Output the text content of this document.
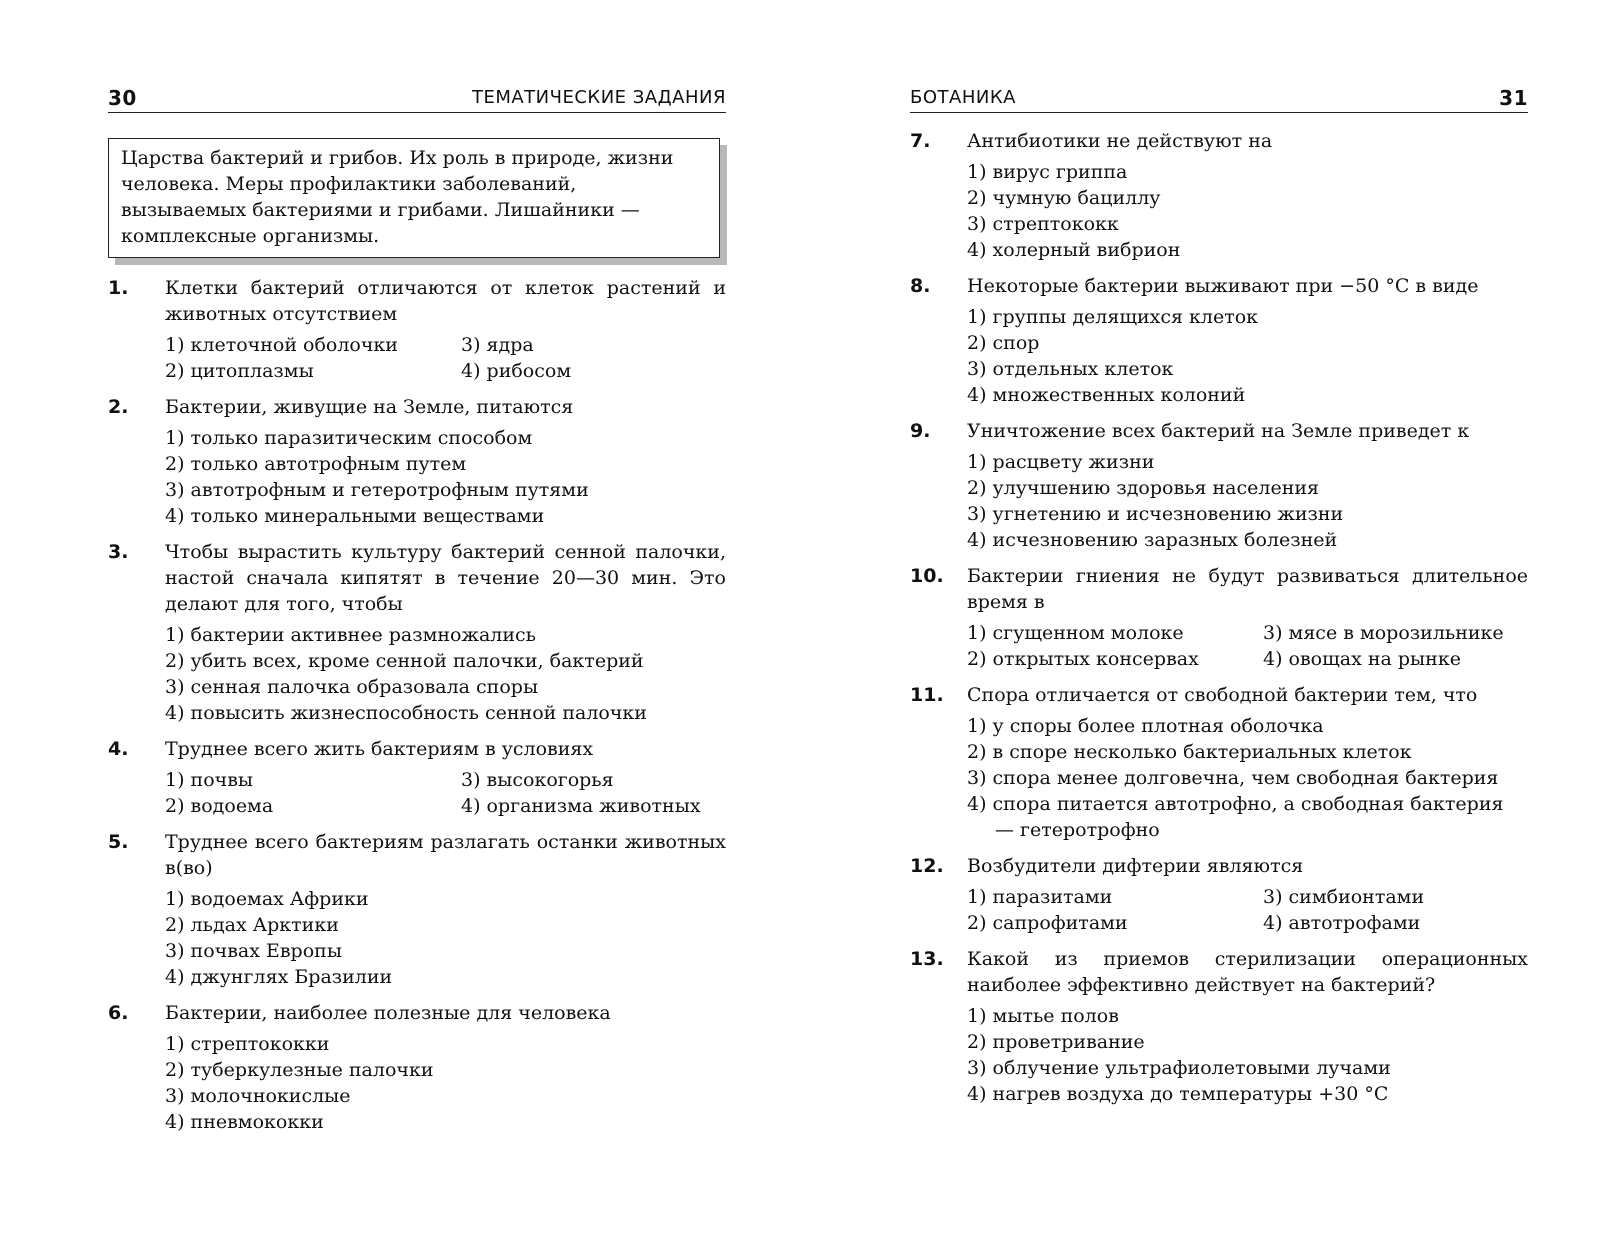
30	ТЕМАТИЧЕСКИЕ ЗАДАНИЯ
Царства бактерий и грибов. Их роль в природе, жизни человека. Меры профилактики заболеваний, вызываемых бактериями и грибами. Лишайники — комплексные организмы.
1. Клетки бактерий отличаются от клеток растений и животных отсутствием
1) клеточной оболочки	3) ядра
2) цитоплазмы	4) рибосом
2. Бактерии, живущие на Земле, питаются
1) только паразитическим способом
2) только автотрофным путем
3) автотрофным и гетеротрофным путями
4) только минеральными веществами
3. Чтобы вырастить культуру бактерий сенной палочки, настой сначала кипятят в течение 20—30 мин. Это делают для того, чтобы
1) бактерии активнее размножались
2) убить всех, кроме сенной палочки, бактерий
3) сенная палочка образовала споры
4) повысить жизнеспособность сенной палочки
4. Труднее всего жить бактериям в условиях
1) почвы	3) высокогорья
2) водоема	4) организма животных
5. Труднее всего бактериям разлагать останки животных в(во)
1) водоемах Африки
2) льдах Арктики
3) почвах Европы
4) джунглях Бразилии
6. Бактерии, наиболее полезные для человека
1) стрептококки
2) туберкулезные палочки
3) молочнокислые
4) пневмококки
БОТАНИКА	31
7. Антибиотики не действуют на
1) вирус гриппа
2) чумную бациллу
3) стрептококк
4) холерный вибрион
8. Некоторые бактерии выживают при −50 °С в виде
1) группы делящихся клеток
2) спор
3) отдельных клеток
4) множественных колоний
9. Уничтожение всех бактерий на Земле приведет к
1) расцвету жизни
2) улучшению здоровья населения
3) угнетению и исчезновению жизни
4) исчезновению заразных болезней
10. Бактерии гниения не будут развиваться длительное время в
1) сгущенном молоке	3) мясе в морозильнике
2) открытых консервах	4) овощах на рынке
11. Спора отличается от свободной бактерии тем, что
1) у споры более плотная оболочка
2) в споре несколько бактериальных клеток
3) спора менее долговечна, чем свободная бактерия
4) спора питается автотрофно, а свободная бактерия — гетеротрофно
12. Возбудители дифтерии являются
1) паразитами	3) симбионтами
2) сапрофитами	4) автотрофами
13. Какой из приемов стерилизации операционных наиболее эффективно действует на бактерий?
1) мытье полов
2) проветривание
3) облучение ультрафиолетовыми лучами
4) нагрев воздуха до температуры +30 °С
